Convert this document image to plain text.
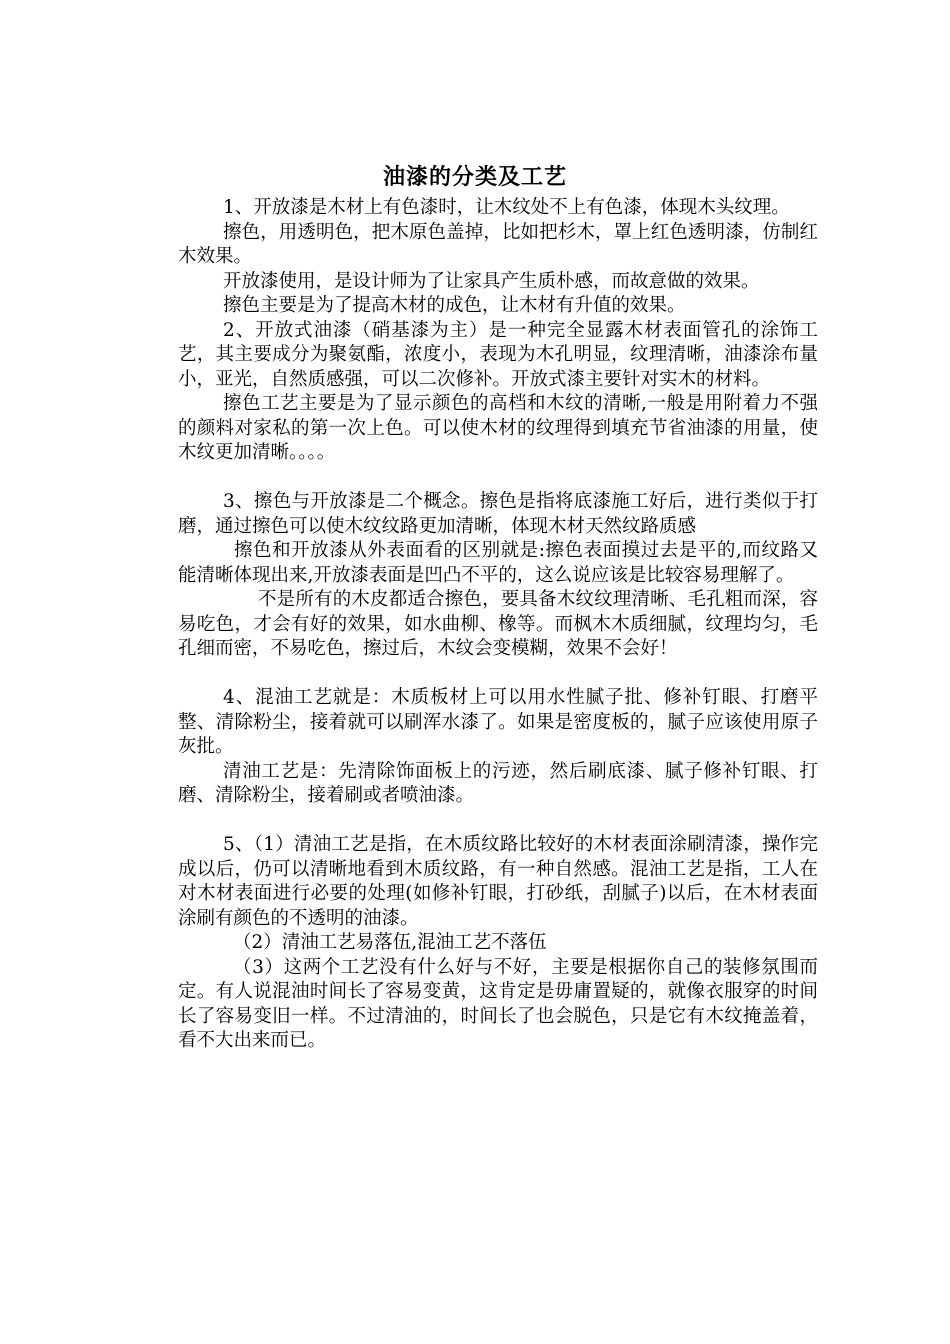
油漆的分类及工艺

1、开放漆是木材上有色漆时，让木纹处不上有色漆，体现木头纹理。

擦色，用透明色，把木原色盖掉，比如把杉木，罩上红色透明漆，仿制红木效果。

开放漆使用，是设计师为了让家具产生质朴感，而故意做的效果。

擦色主要是为了提高木材的成色，让木材有升值的效果。

2、开放式油漆（硝基漆为主）是一种完全显露木材表面管孔的涂饰工艺，其主要成分为聚氨酯，浓度小，表现为木孔明显，纹理清晰，油漆涂布量小，亚光，自然质感强，可以二次修补。开放式漆主要针对实木的材料。

擦色工艺主要是为了显示颜色的高档和木纹的清晰,一般是用附着力不强的颜料对家私的第一次上色。可以使木材的纹理得到填充节省油漆的用量，使木纹更加清晰。。。。

3、擦色与开放漆是二个概念。擦色是指将底漆施工好后，进行类似于打磨，通过擦色可以使木纹纹路更加清晰，体现木材天然纹路质感

擦色和开放漆从外表面看的区别就是:擦色表面摸过去是平的,而纹路又能清晰体现出来,开放漆表面是凹凸不平的，这么说应该是比较容易理解了。

不是所有的木皮都适合擦色，要具备木纹纹理清晰、毛孔粗而深，容易吃色，才会有好的效果，如水曲柳、橡等。而枫木木质细腻，纹理均匀，毛孔细而密，不易吃色，擦过后，木纹会变模糊，效果不会好！

4、混油工艺就是：木质板材上可以用水性腻子批、修补钉眼、打磨平整、清除粉尘，接着就可以刷浑水漆了。如果是密度板的，腻子应该使用原子灰批。

清油工艺是：先清除饰面板上的污迹，然后刷底漆、腻子修补钉眼、打磨、清除粉尘，接着刷或者喷油漆。

5、（1）清油工艺是指，在木质纹路比较好的木材表面涂刷清漆，操作完成以后，仍可以清晰地看到木质纹路，有一种自然感。混油工艺是指，工人在对木材表面进行必要的处理(如修补钉眼，打砂纸，刮腻子)以后，在木材表面涂刷有颜色的不透明的油漆。

（2）清油工艺易落伍,混油工艺不落伍

（3）这两个工艺没有什么好与不好，主要是根据你自己的装修氛围而定。有人说混油时间长了容易变黄，这肯定是毋庸置疑的，就像衣服穿的时间长了容易变旧一样。不过清油的，时间长了也会脱色，只是它有木纹掩盖着，看不大出来而已。
